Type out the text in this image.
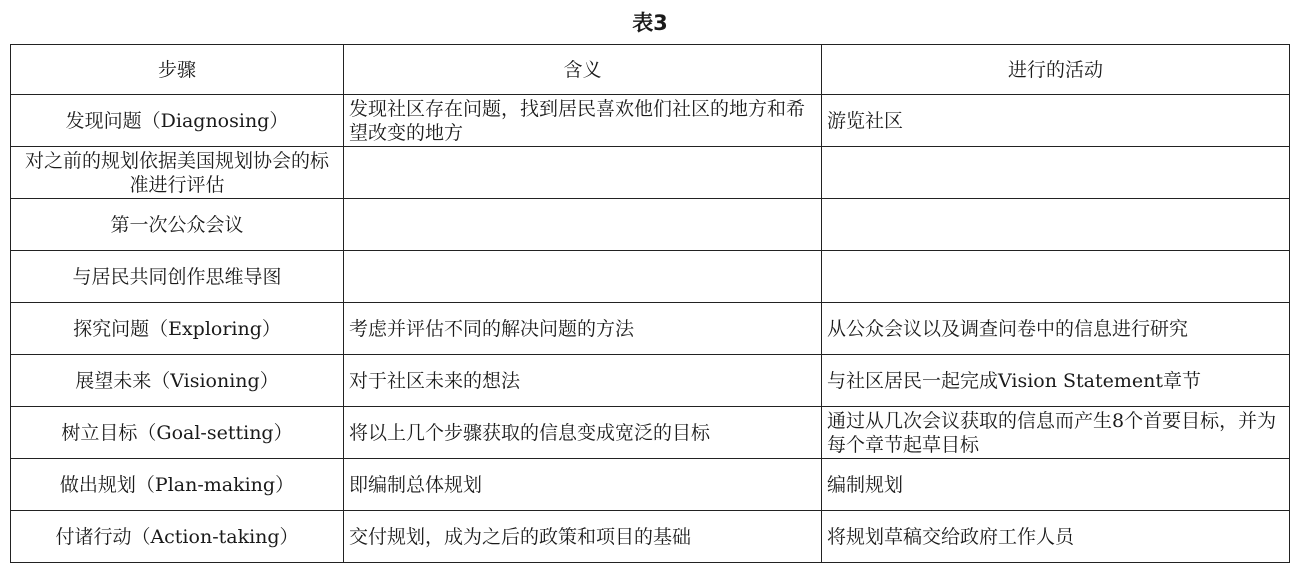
表3
步骤	含义	进行的活动
发现问题（Diagnosing）	发现社区存在问题，找到居民喜欢他们社区的地方和希望改变的地方	游览社区
对之前的规划依据美国规划协会的标准进行评估		
第一次公众会议		
与居民共同创作思维导图		
探究问题（Exploring）	考虑并评估不同的解决问题的方法	从公众会议以及调查问卷中的信息进行研究
展望未来（Visioning）	对于社区未来的想法	与社区居民一起完成Vision Statement章节
树立目标（Goal-setting）	将以上几个步骤获取的信息变成宽泛的目标	通过从几次会议获取的信息而产生8个首要目标，并为每个章节起草目标
做出规划（Plan-making）	即编制总体规划	编制规划
付诸行动（Action-taking）	交付规划，成为之后的政策和项目的基础	将规划草稿交给政府工作人员
